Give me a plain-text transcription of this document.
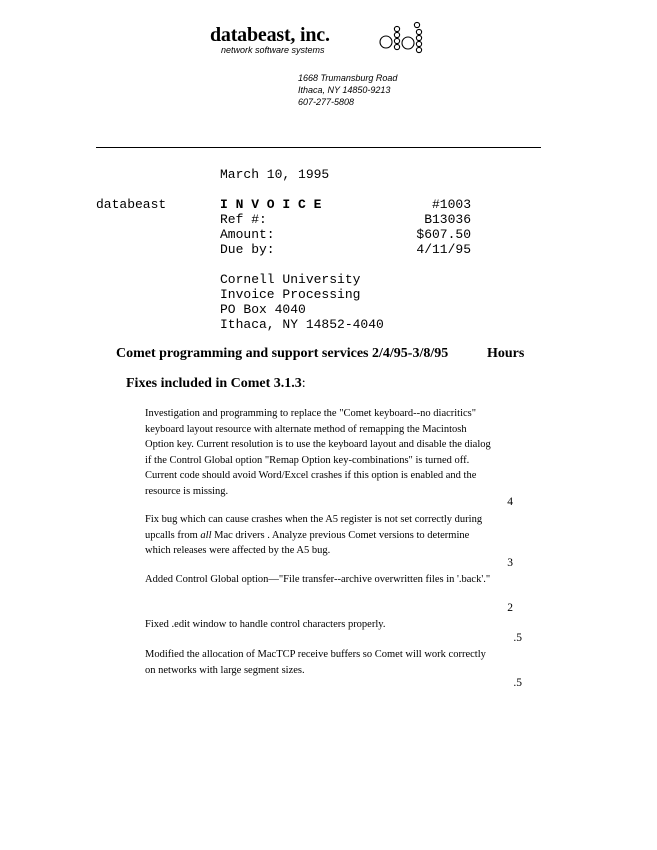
databeast, inc.
network software systems
1668 Trumansburg Road
Ithaca, NY 14850-9213
607-277-5808
March 10, 1995
databeast	I N V O I C E	#1003
Ref #:	B13036
Amount:	$607.50
Due by:	4/11/95
Cornell University
Invoice Processing
PO Box 4040
Ithaca, NY 14852-4040
Comet programming and support services 2/4/95-3/8/95	Hours
Fixes included in Comet 3.1.3:
Investigation and programming to replace the "Comet keyboard--no diacritics" keyboard layout resource with alternate method of remapping the Macintosh Option key. Current resolution is to use the keyboard layout and disable the dialog if the Control Global option "Remap Option key-combinations" is turned off. Current code should avoid Word/Excel crashes if this option is enabled and the resource is missing.
4
Fix bug which can cause crashes when the A5 register is not set correctly during upcalls from all Mac drivers . Analyze previous Comet versions to determine which releases were affected by the A5 bug.
3
Added Control Global option—"File transfer--archive overwritten files in '.back'."
2
Fixed .edit window to handle control characters properly.
.5
Modified the allocation of MacTCP receive buffers so Comet will work correctly on networks with large segment sizes.
.5
